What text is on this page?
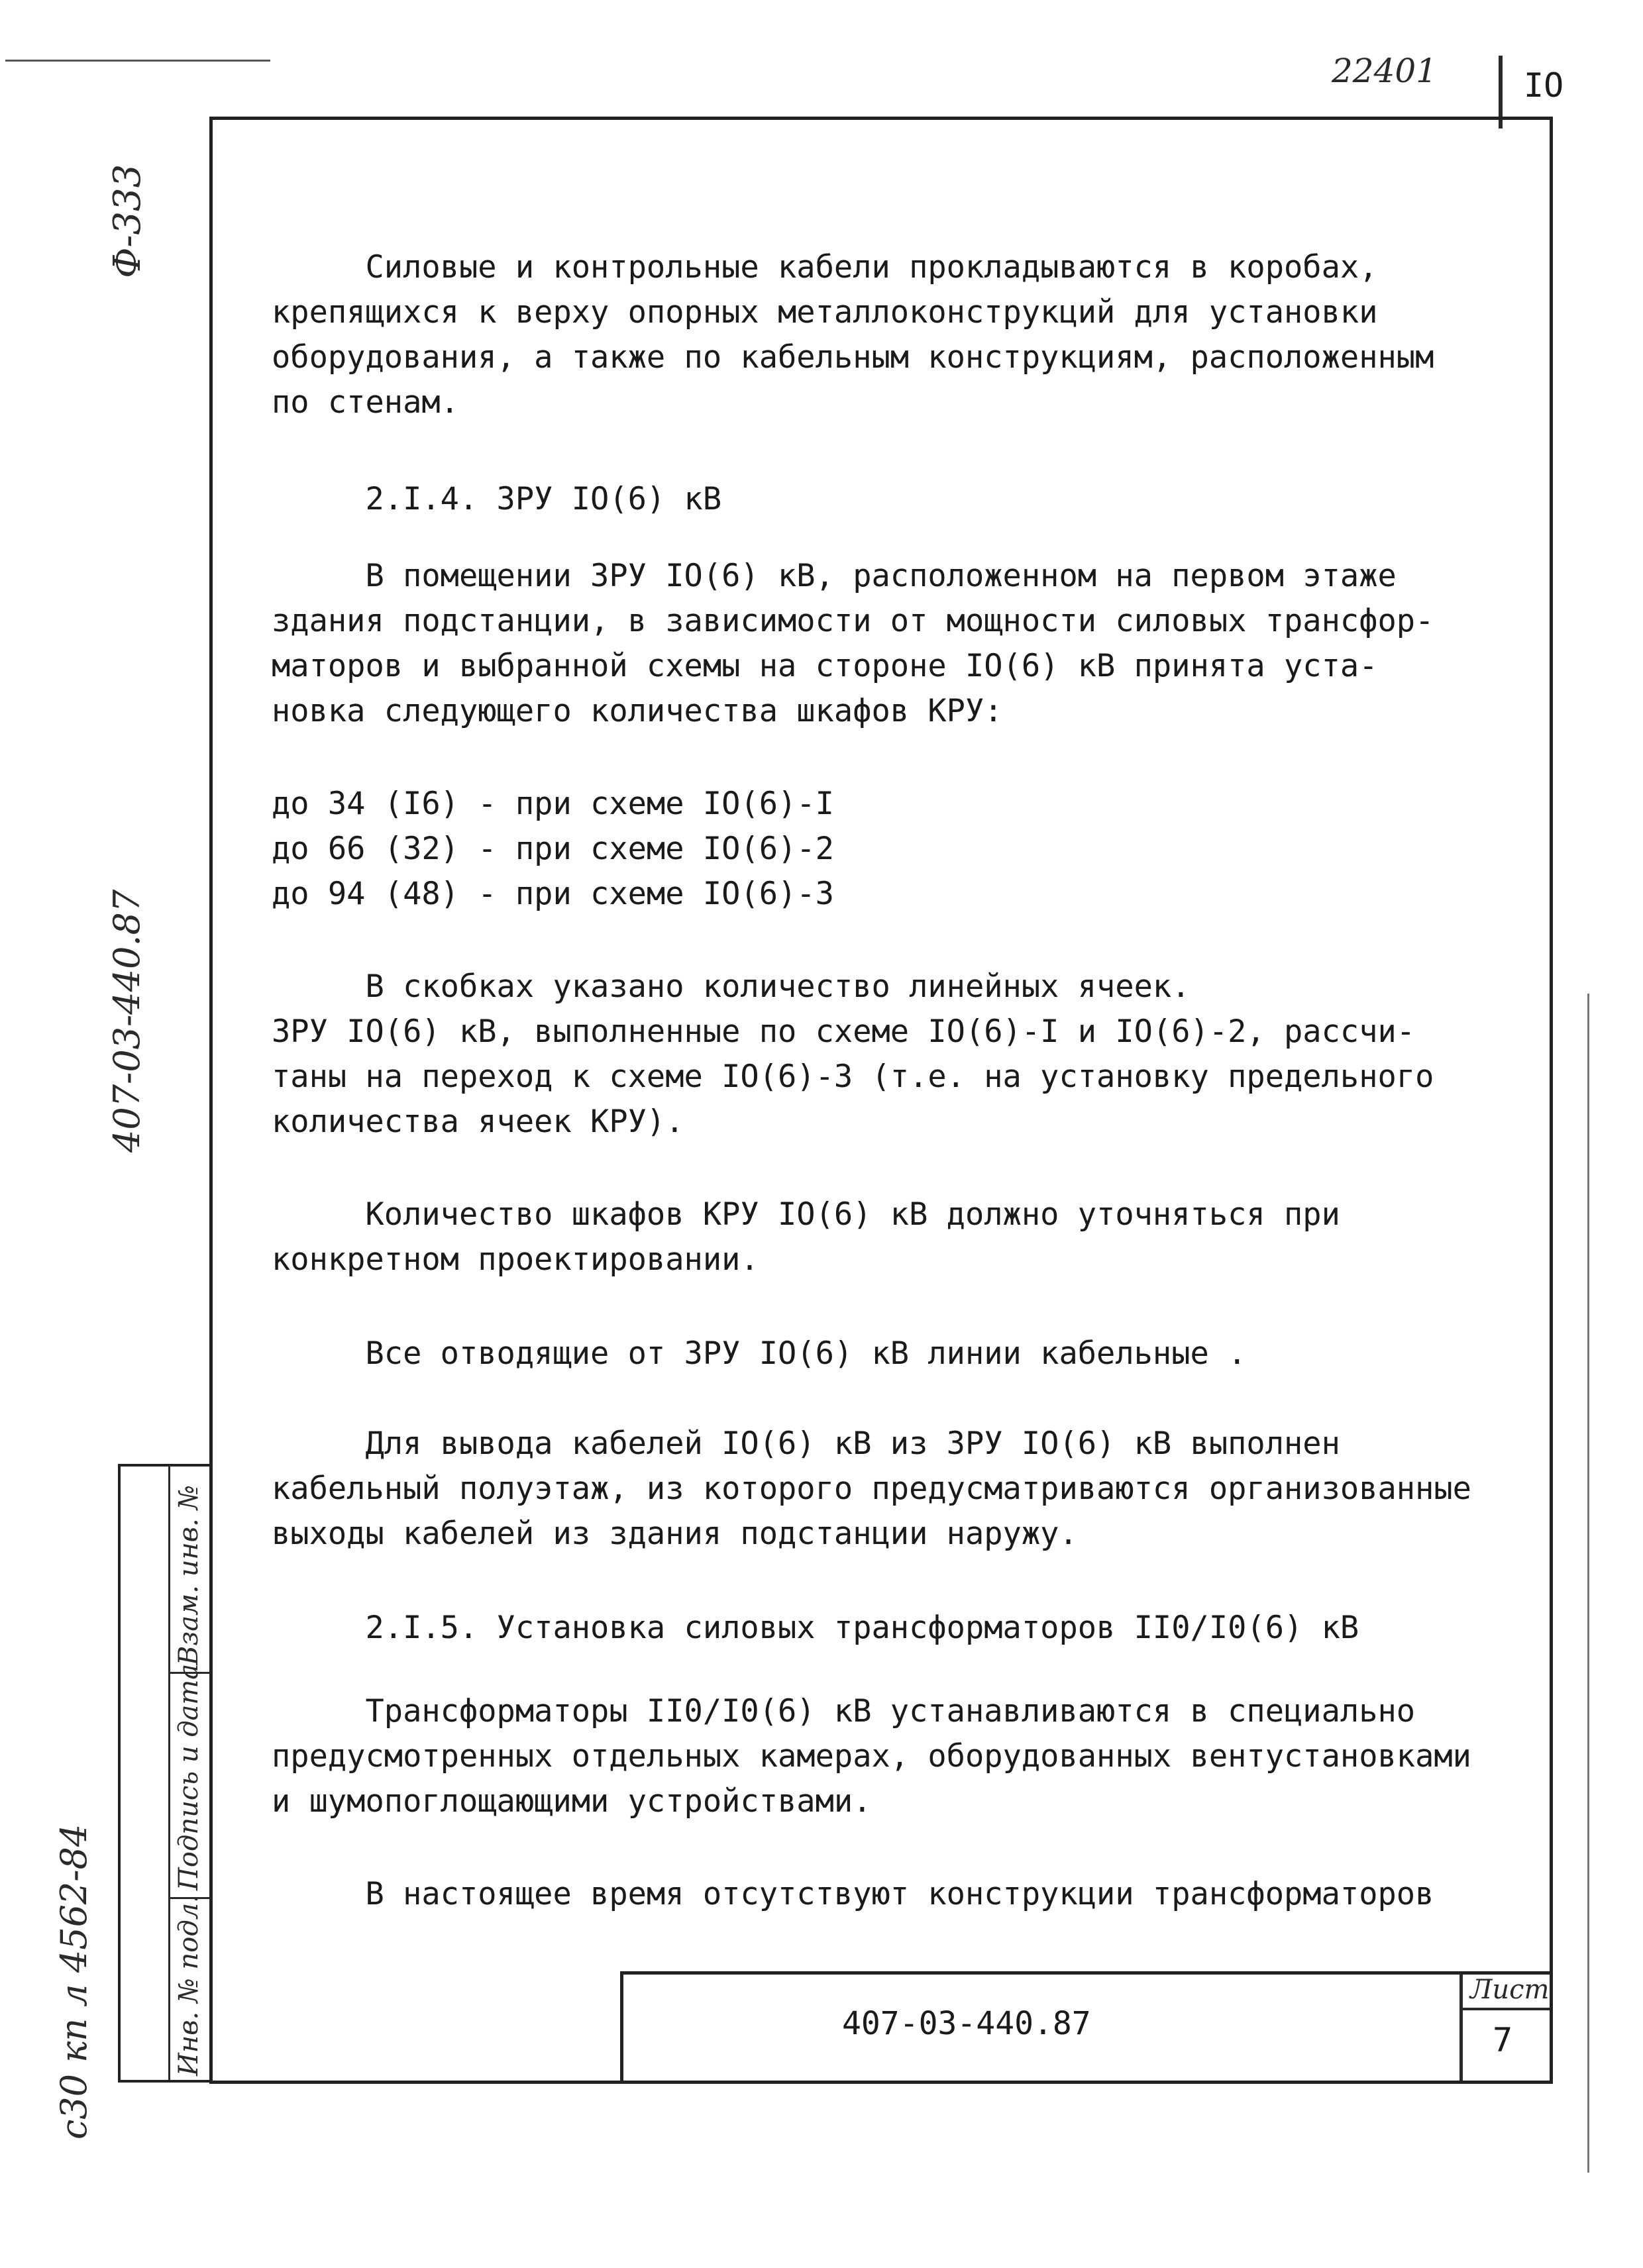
22401	IO
Ф-333
407-03-440.87
с30 кп л 4562-84	Инв. № подл.
Подпись и дата
Взам. инв. №
Силовые и контрольные кабели прокладываются в коробах,
крепящихся к верху опорных металлоконструкций для установки
оборудования, а также по кабельным конструкциям, расположенным
по стенам.
2.I.4. ЗРУ IO(6) кВ
В помещении ЗРУ IO(6) кВ, расположенном на первом этаже
здания подстанции, в зависимости от мощности силовых трансфор-
маторов и выбранной схемы на стороне IO(6) кВ принята уста-
новка следующего количества шкафов КРУ:
до 34 (I6) - при схеме IO(6)-I
до 66 (32) - при схеме IO(6)-2
до 94 (48) - при схеме IO(6)-3
В скобках указано количество линейных ячеек.
ЗРУ IO(6) кВ, выполненные по схеме IO(6)-I и IO(6)-2, рассчи-
таны на переход к схеме IO(6)-3 (т.е. на установку предельного
количества ячеек КРУ).
Количество шкафов КРУ IO(6) кВ должно уточняться при
конкретном проектировании.
Все отводящие от ЗРУ IO(6) кВ линии кабельные .
Для вывода кабелей IO(6) кВ из ЗРУ IO(6) кВ выполнен
кабельный полуэтаж, из которого предусматриваются организованные
выходы кабелей из здания подстанции наружу.
2.I.5. Установка силовых трансформаторов II0/I0(6) кВ
Трансформаторы II0/I0(6) кВ устанавливаются в специально
предусмотренных отдельных камерах, оборудованных вентустановками
и шумопоглощающими устройствами.
В настоящее время отсутствуют конструкции трансформаторов
407-03-440.87
Лист
7
